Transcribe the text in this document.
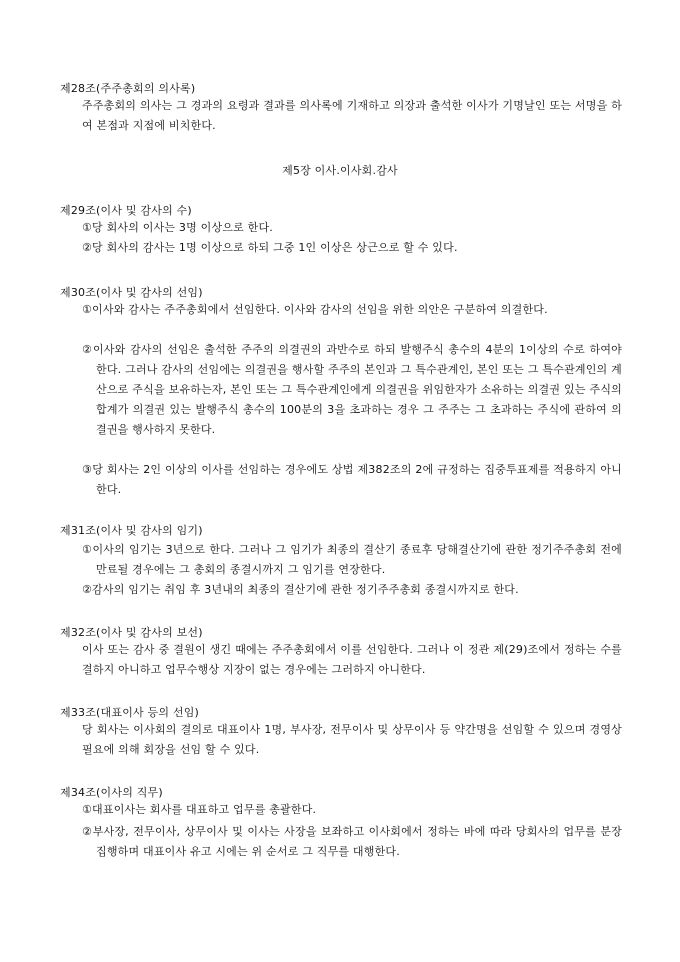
제28조(주주총회의 의사록)
주주총회의 의사는 그 경과의 요령과 결과를 의사록에 기재하고 의장과 출석한 이사가 기명날인 또는 서명을 하여 본점과 지점에 비치한다.
제5장 이사.이사회.감사
제29조(이사 및 감사의 수)
①당 회사의 이사는 3명 이상으로 한다.
②당 회사의 감사는 1명 이상으로 하되 그중 1인 이상은 상근으로 할 수 있다.
제30조(이사 및 감사의 선임)
①이사와 감사는 주주총회에서 선임한다. 이사와 감사의 선임을 위한 의안은 구분하여 의결한다.
②이사와 감사의 선임은 출석한 주주의 의결권의 과반수로 하되 발행주식 총수의 4분의 1이상의 수로 하여야 한다. 그러나 감사의 선임에는 의결권을 행사할 주주의 본인과 그 특수관계인, 본인 또는 그 특수관계인의 계산으로 주식을 보유하는자, 본인 또는 그 특수관계인에게 의결권을 위임한자가 소유하는 의결권 있는 주식의 합계가 의결권 있는 발행주식 총수의 100분의 3을 초과하는 경우 그 주주는 그 초과하는 주식에 관하여 의결권을 행사하지 못한다.
③당 회사는 2인 이상의 이사를 선임하는 경우에도 상법 제382조의 2에 규정하는 집중투표제를 적용하지 아니한다.
제31조(이사 및 감사의 임기)
①이사의 임기는 3년으로 한다. 그러나 그 임기가 최종의 결산기 종료후 당해결산기에 관한 정기주주총회 전에 만료될 경우에는 그 총회의 종결시까지 그 임기를 연장한다.
②감사의 임기는 취임 후 3년내의 최종의 결산기에 관한 정기주주총회 종결시까지로 한다.
제32조(이사 및 감사의 보선)
이사 또는 감사 중 결원이 생긴 때에는 주주총회에서 이를 선임한다. 그러나 이 정관 제(29)조에서 정하는 수를 결하지 아니하고 업무수행상 지장이 없는 경우에는 그러하지 아니한다.
제33조(대표이사 등의 선임)
당 회사는 이사회의 결의로 대표이사 1명, 부사장, 전무이사 및 상무이사 등 약간명을 선임할 수 있으며 경영상 필요에 의해 회장을 선임 할 수 있다.
제34조(이사의 직무)
①대표이사는 회사를 대표하고 업무를 총괄한다.
②부사장, 전무이사, 상무이사 및 이사는 사장을 보좌하고 이사회에서 정하는 바에 따라 당회사의 업무를 분장 집행하며 대표이사 유고 시에는 위 순서로 그 직무를 대행한다.
